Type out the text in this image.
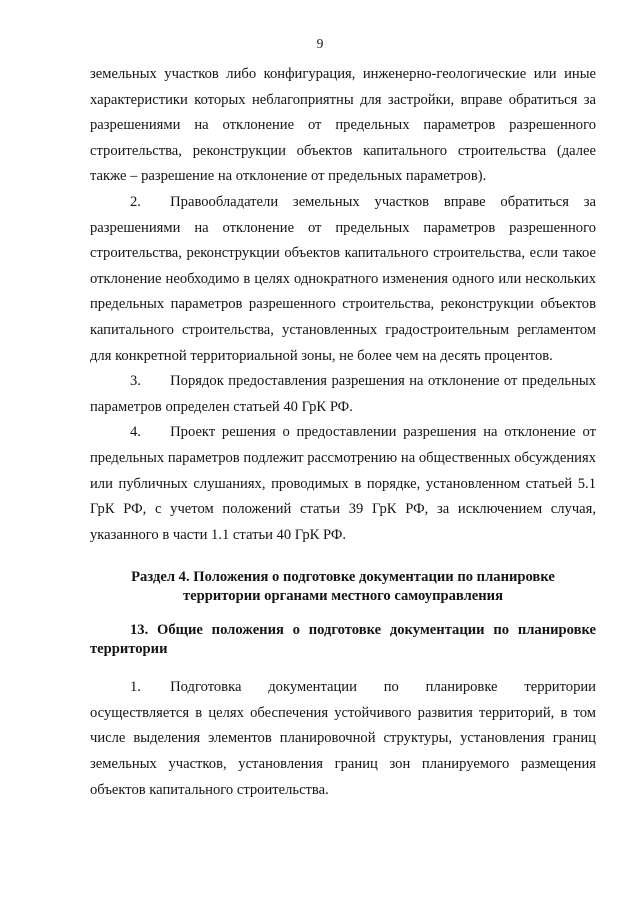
9

земельных участков либо конфигурация, инженерно-геологические или иные характеристики которых неблагоприятны для застройки, вправе обратиться за разрешениями на отклонение от предельных параметров разрешенного строительства, реконструкции объектов капитального строительства (далее также – разрешение на отклонение от предельных параметров).

2.  Правообладатели земельных участков вправе обратиться за разрешениями на отклонение от предельных параметров разрешенного строительства, реконструкции объектов капитального строительства, если такое отклонение необходимо в целях однократного изменения одного или нескольких предельных параметров разрешенного строительства, реконструкции объектов капитального строительства, установленных градостроительным регламентом для конкретной территориальной зоны, не более чем на десять процентов.

3.  Порядок предоставления разрешения на отклонение от предельных параметров определен статьей 40 ГрК РФ.

4.  Проект решения о предоставлении разрешения на отклонение от предельных параметров подлежит рассмотрению на общественных обсуждениях или публичных слушаниях, проводимых в порядке, установленном статьей 5.1 ГрК РФ, с учетом положений статьи 39 ГрК РФ, за исключением случая, указанного в части 1.1 статьи 40 ГрК РФ.

Раздел 4. Положения о подготовке документации по планировке
территории органами местного самоуправления

13. Общие положения о подготовке документации по планировке территории

1.  Подготовка документации по планировке территории осуществляется в целях обеспечения устойчивого развития территорий, в том числе выделения элементов планировочной структуры, установления границ земельных участков, установления границ зон планируемого размещения объектов капитального строительства.
